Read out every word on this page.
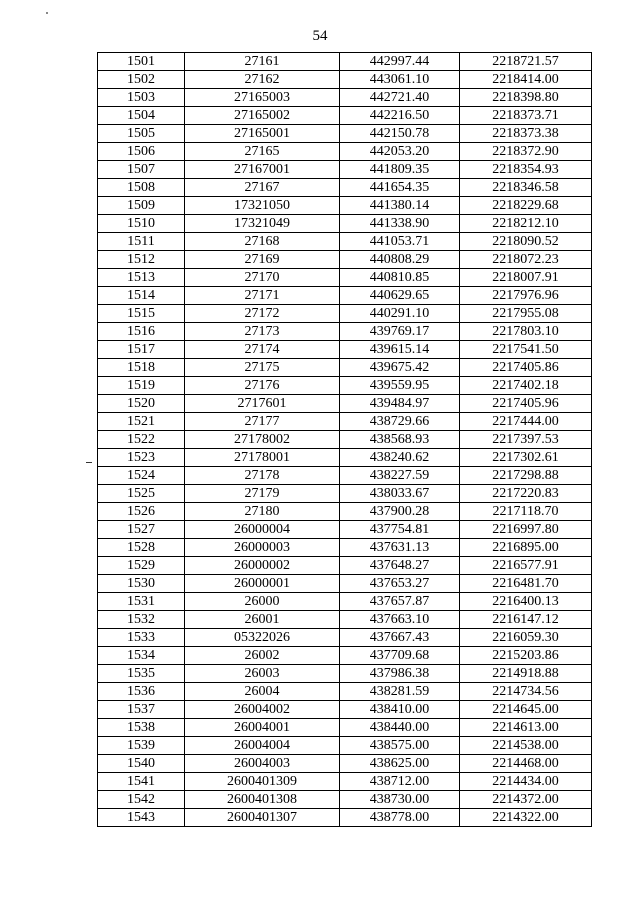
54
1501	27161	442997.44	2218721.57
1502	27162	443061.10	2218414.00
1503	27165003	442721.40	2218398.80
1504	27165002	442216.50	2218373.71
1505	27165001	442150.78	2218373.38
1506	27165	442053.20	2218372.90
1507	27167001	441809.35	2218354.93
1508	27167	441654.35	2218346.58
1509	17321050	441380.14	2218229.68
1510	17321049	441338.90	2218212.10
1511	27168	441053.71	2218090.52
1512	27169	440808.29	2218072.23
1513	27170	440810.85	2218007.91
1514	27171	440629.65	2217976.96
1515	27172	440291.10	2217955.08
1516	27173	439769.17	2217803.10
1517	27174	439615.14	2217541.50
1518	27175	439675.42	2217405.86
1519	27176	439559.95	2217402.18
1520	2717601	439484.97	2217405.96
1521	27177	438729.66	2217444.00
1522	27178002	438568.93	2217397.53
1523	27178001	438240.62	2217302.61
1524	27178	438227.59	2217298.88
1525	27179	438033.67	2217220.83
1526	27180	437900.28	2217118.70
1527	26000004	437754.81	2216997.80
1528	26000003	437631.13	2216895.00
1529	26000002	437648.27	2216577.91
1530	26000001	437653.27	2216481.70
1531	26000	437657.87	2216400.13
1532	26001	437663.10	2216147.12
1533	05322026	437667.43	2216059.30
1534	26002	437709.68	2215203.86
1535	26003	437986.38	2214918.88
1536	26004	438281.59	2214734.56
1537	26004002	438410.00	2214645.00
1538	26004001	438440.00	2214613.00
1539	26004004	438575.00	2214538.00
1540	26004003	438625.00	2214468.00
1541	2600401309	438712.00	2214434.00
1542	2600401308	438730.00	2214372.00
1543	2600401307	438778.00	2214322.00
